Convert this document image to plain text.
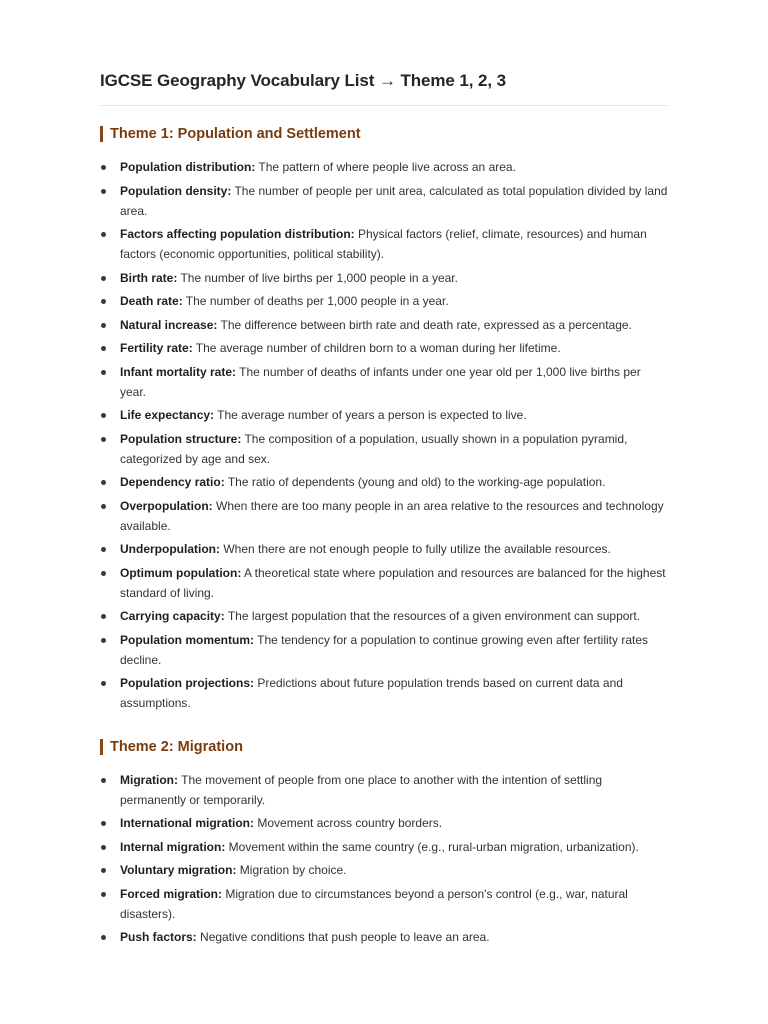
IGCSE Geography Vocabulary List → Theme 1, 2, 3
Theme 1: Population and Settlement
Population distribution: The pattern of where people live across an area.
Population density: The number of people per unit area, calculated as total population divided by land area.
Factors affecting population distribution: Physical factors (relief, climate, resources) and human factors (economic opportunities, political stability).
Birth rate: The number of live births per 1,000 people in a year.
Death rate: The number of deaths per 1,000 people in a year.
Natural increase: The difference between birth rate and death rate, expressed as a percentage.
Fertility rate: The average number of children born to a woman during her lifetime.
Infant mortality rate: The number of deaths of infants under one year old per 1,000 live births per year.
Life expectancy: The average number of years a person is expected to live.
Population structure: The composition of a population, usually shown in a population pyramid, categorized by age and sex.
Dependency ratio: The ratio of dependents (young and old) to the working-age population.
Overpopulation: When there are too many people in an area relative to the resources and technology available.
Underpopulation: When there are not enough people to fully utilize the available resources.
Optimum population: A theoretical state where population and resources are balanced for the highest standard of living.
Carrying capacity: The largest population that the resources of a given environment can support.
Population momentum: The tendency for a population to continue growing even after fertility rates decline.
Population projections: Predictions about future population trends based on current data and assumptions.
Theme 2: Migration
Migration: The movement of people from one place to another with the intention of settling permanently or temporarily.
International migration: Movement across country borders.
Internal migration: Movement within the same country (e.g., rural-urban migration, urbanization).
Voluntary migration: Migration by choice.
Forced migration: Migration due to circumstances beyond a person's control (e.g., war, natural disasters).
Push factors: Negative conditions that push people to leave an area.
